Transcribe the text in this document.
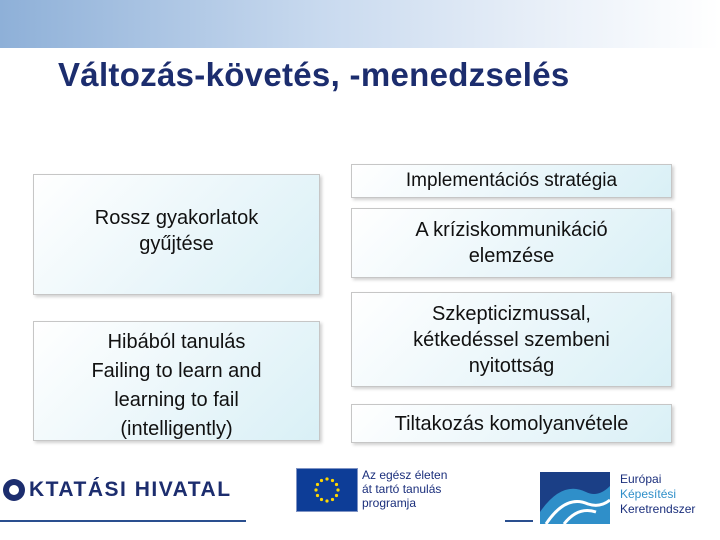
Változás-követés, -menedzselés
Rossz gyakorlatok
gyűjtése
Hibából tanulás
Failing to learn and
learning to fail
(intelligently)
Implementációs stratégia
A kríziskommunikáció
elemzése
Szkepticizmussal,
kétkedéssel szembeni
nyitottság
Tiltakozás komolyanvétele
KTATÁSI HIVATAL
Az egész életen
át tartó tanulás
programja
Európai
Képesítési
Keretrendszer
